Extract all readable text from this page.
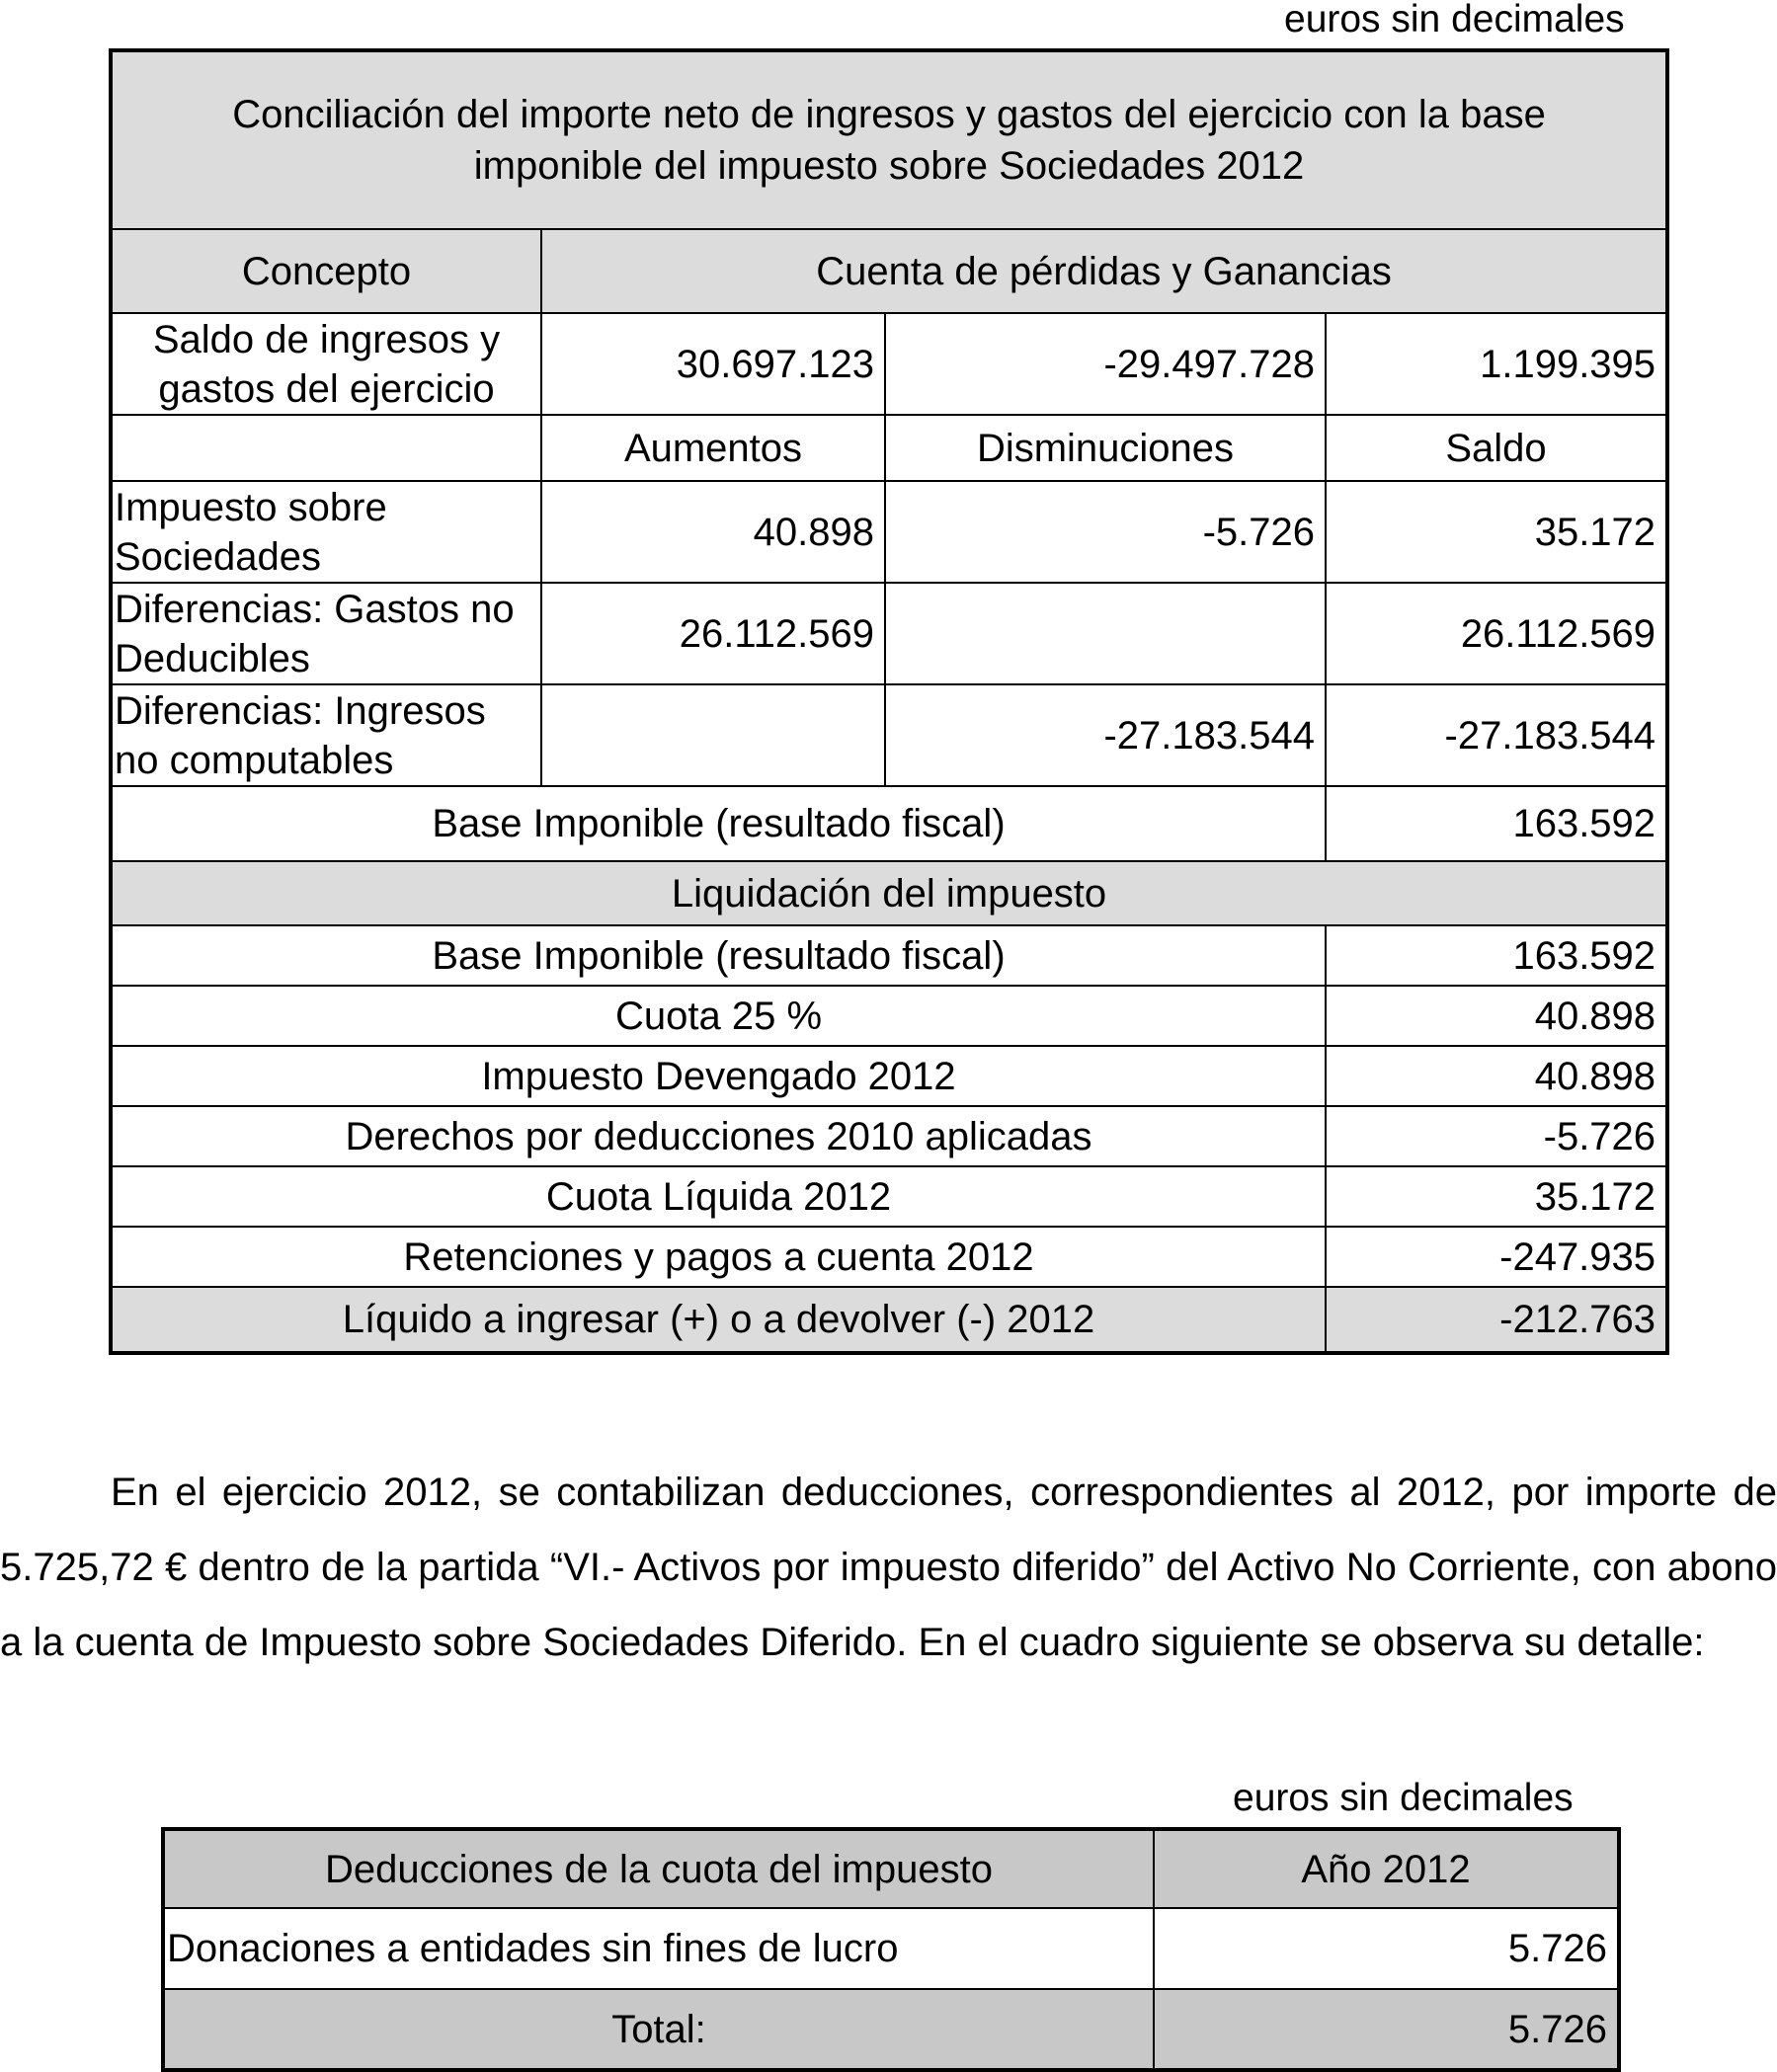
euros sin decimales
Conciliación del importe neto de ingresos y gastos del ejercicio con la base imponible del impuesto sobre Sociedades 2012			
Concepto	Cuenta de pérdidas y Ganancias		
Saldo de ingresos y gastos del ejercicio	30.697.123	-29.497.728	1.199.395
	Aumentos	Disminuciones	Saldo
Impuesto sobre Sociedades	40.898	-5.726	35.172
Diferencias: Gastos no Deducibles	26.112.569		26.112.569
Diferencias: Ingresos no computables		-27.183.544	-27.183.544
Base Imponible (resultado fiscal)			163.592
Liquidación del impuesto			
Base Imponible (resultado fiscal)			163.592
Cuota 25 %			40.898
Impuesto Devengado 2012			40.898
Derechos por deducciones 2010 aplicadas			-5.726
Cuota Líquida 2012			35.172
Retenciones y pagos a cuenta 2012			-247.935
Líquido a ingresar (+) o a devolver (-) 2012			-212.763

En el ejercicio 2012, se contabilizan deducciones, correspondientes al 2012, por importe de 5.725,72 € dentro de la partida “VI.- Activos por impuesto diferido” del Activo No Corriente, con abono a la cuenta de Impuesto sobre Sociedades Diferido. En el cuadro siguiente se observa su detalle:

euros sin decimales
Deducciones de la cuota del impuesto	Año 2012
Donaciones a entidades sin fines de lucro	5.726
Total:	5.726
